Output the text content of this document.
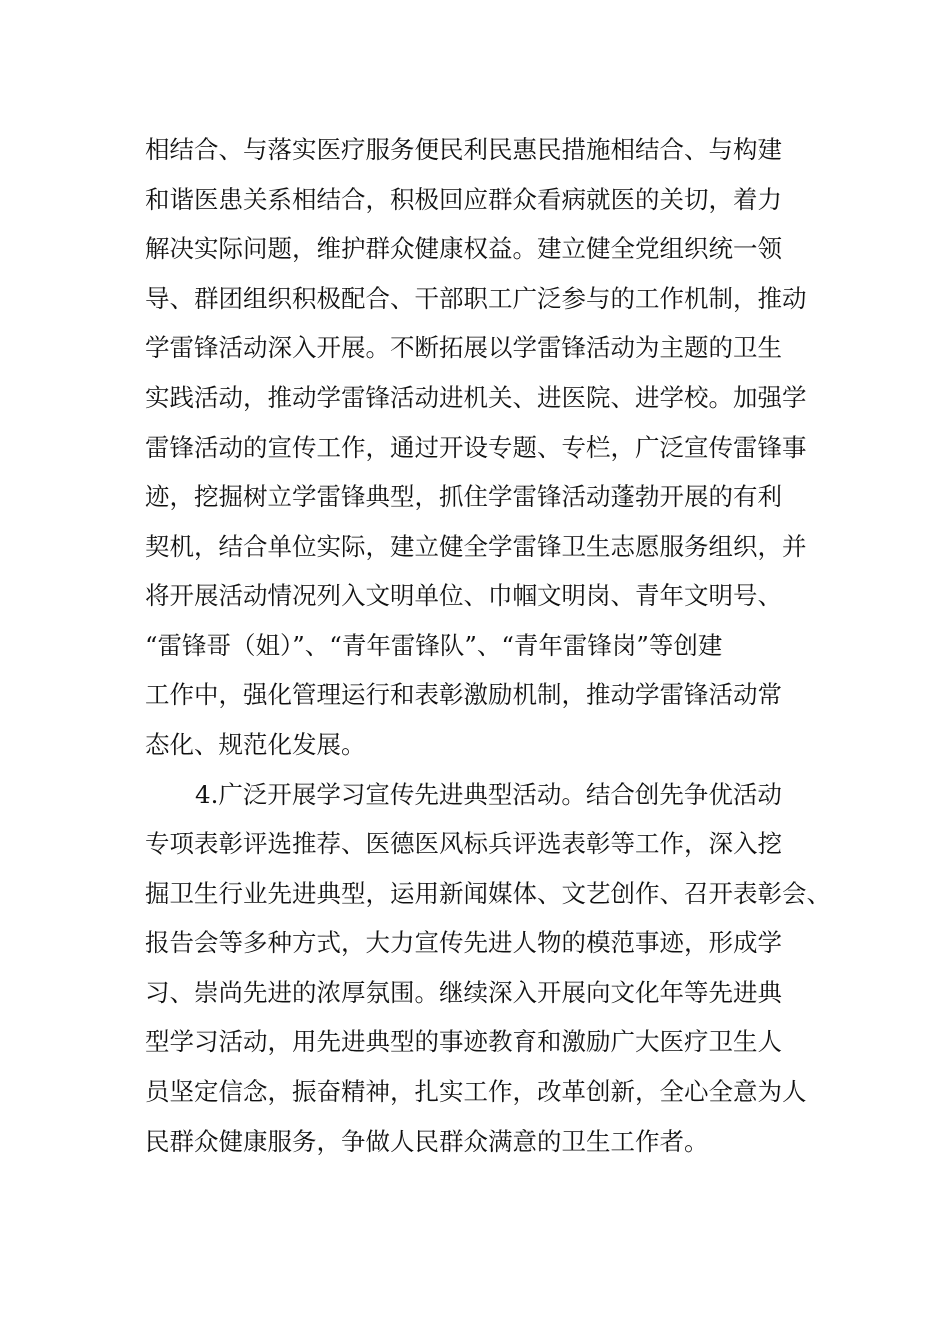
相结合、与落实医疗服务便民利民惠民措施相结合、与构建
和谐医患关系相结合，积极回应群众看病就医的关切，着力
解决实际问题，维护群众健康权益。建立健全党组织统一领
导、群团组织积极配合、干部职工广泛参与的工作机制，推动
学雷锋活动深入开展。不断拓展以学雷锋活动为主题的卫生
实践活动，推动学雷锋活动进机关、进医院、进学校。加强学
雷锋活动的宣传工作，通过开设专题、专栏，广泛宣传雷锋事
迹，挖掘树立学雷锋典型，抓住学雷锋活动蓬勃开展的有利
契机，结合单位实际，建立健全学雷锋卫生志愿服务组织，并
将开展活动情况列入文明单位、巾帼文明岗、青年文明号、
“雷锋哥（姐）”、“青年雷锋队”、“青年雷锋岗”等创建
工作中，强化管理运行和表彰激励机制，推动学雷锋活动常
态化、规范化发展。
4.广泛开展学习宣传先进典型活动。结合创先争优活动
专项表彰评选推荐、医德医风标兵评选表彰等工作，深入挖
掘卫生行业先进典型，运用新闻媒体、文艺创作、召开表彰会、
报告会等多种方式，大力宣传先进人物的模范事迹，形成学
习、崇尚先进的浓厚氛围。继续深入开展向文化年等先进典
型学习活动，用先进典型的事迹教育和激励广大医疗卫生人
员坚定信念，振奋精神，扎实工作，改革创新，全心全意为人
民群众健康服务，争做人民群众满意的卫生工作者。
